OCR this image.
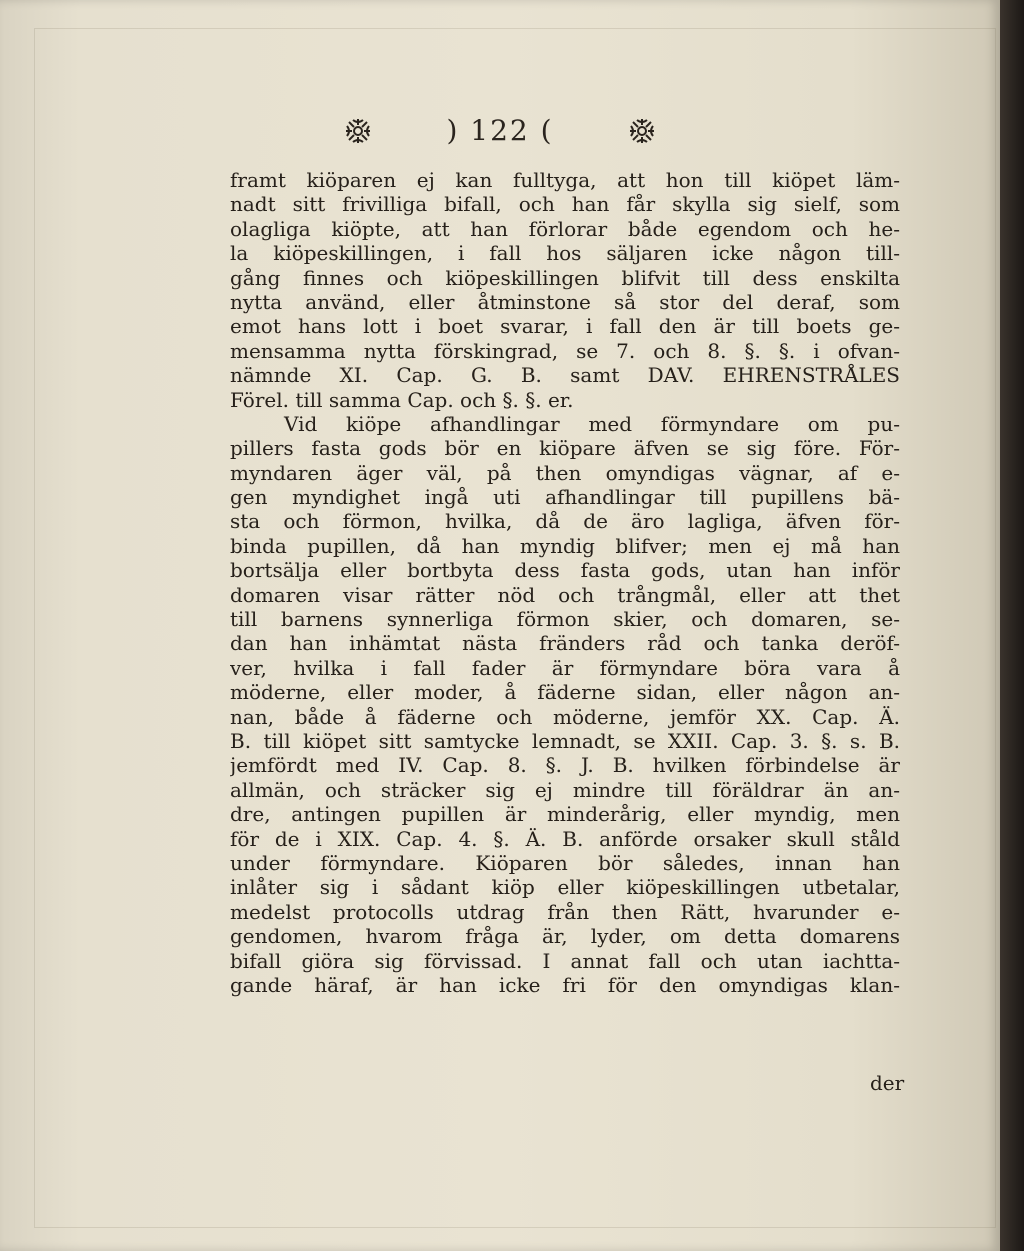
) 122 (
framt kiöparen ej kan fulltyga, att hon till kiöpet läm-
nadt sitt frivilliga bifall, och han får skylla sig sielf, som
olagliga kiöpte, att han förlorar både egendom och he-
la kiöpeskillingen, i fall hos säljaren icke någon till-
gång finnes och kiöpeskillingen blifvit till dess enskilta
nytta använd, eller åtminstone så stor del deraf, som
emot hans lott i boet svarar, i fall den är till boets ge-
mensamma nytta förskingrad, se 7. och 8. §. §. i ofvan-
nämnde XI. Cap. G. B. samt DAV. EHRENSTRÅLES
Förel. till samma Cap. och §. §. er.
Vid kiöpe afhandlingar med förmyndare om pu-
pillers fasta gods bör en kiöpare äfven se sig före. För-
myndaren äger väl, på then omyndigas vägnar, af e-
gen myndighet ingå uti afhandlingar till pupillens bä-
sta och förmon, hvilka, då de äro lagliga, äfven för-
binda pupillen, då han myndig blifver; men ej må han
bortsälja eller bortbyta dess fasta gods, utan han inför
domaren visar rätter nöd och trångmål, eller att thet
till barnens synnerliga förmon skier, och domaren, se-
dan han inhämtat nästa fränders råd och tanka deröf-
ver, hvilka i fall fader är förmyndare böra vara å
möderne, eller moder, å fäderne sidan, eller någon an-
nan, både å fäderne och möderne, jemför XX. Cap. Ä.
B. till kiöpet sitt samtycke lemnadt, se XXII. Cap. 3. §. s. B.
jemfördt med IV. Cap. 8. §. J. B. hvilken förbindelse är
allmän, och sträcker sig ej mindre till föräldrar än an-
dre, antingen pupillen är minderårig, eller myndig, men
för de i XIX. Cap. 4. §. Ä. B. anförde orsaker skull ståld
under förmyndare. Kiöparen bör således, innan han
inlåter sig i sådant kiöp eller kiöpeskillingen utbetalar,
medelst protocolls utdrag från then Rätt, hvarunder e-
gendomen, hvarom fråga är, lyder, om detta domarens
bifall giöra sig förvissad. I annat fall och utan iachtta-
gande häraf, är han icke fri för den omyndigas klan-
der
